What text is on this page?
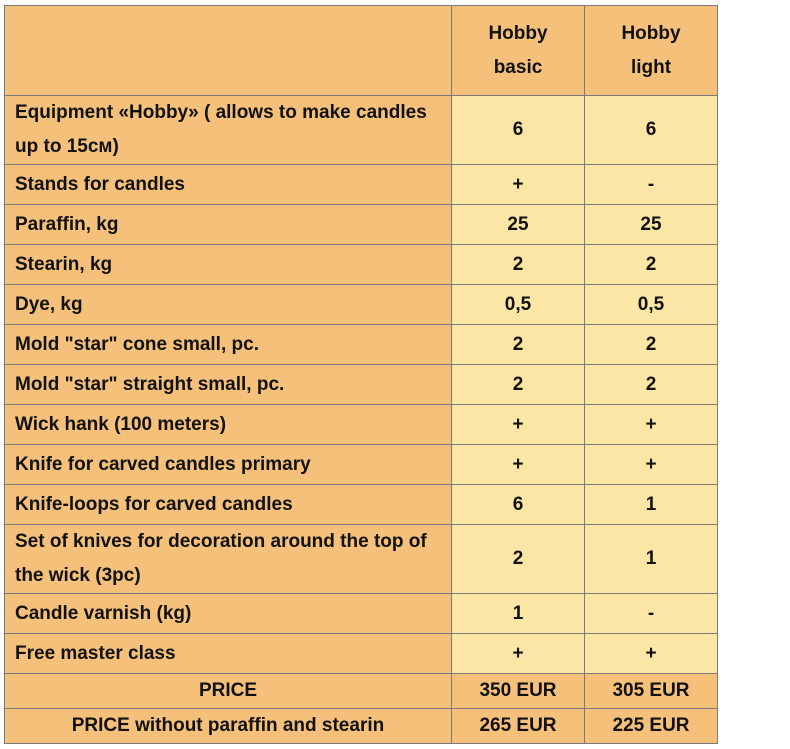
	Hobby basic	Hobby light
Equipment «Hobby» ( allows to make candles up to 15см)	6	6
Stands for candles	+	-
Paraffin, kg	25	25
Stearin, kg	2	2
Dye, kg	0,5	0,5
Mold "star" cone small, pc.	2	2
Mold "star" straight small, pc.	2	2
Wick hank (100 meters)	+	+
Knife for carved candles primary	+	+
Knife-loops for carved candles	6	1
Set of knives for decoration around the top of the wick (3pc)	2	1
Candle varnish (kg)	1	-
Free master class	+	+
PRICE	350 EUR	305 EUR
PRICE without paraffin and stearin	265 EUR	225 EUR
